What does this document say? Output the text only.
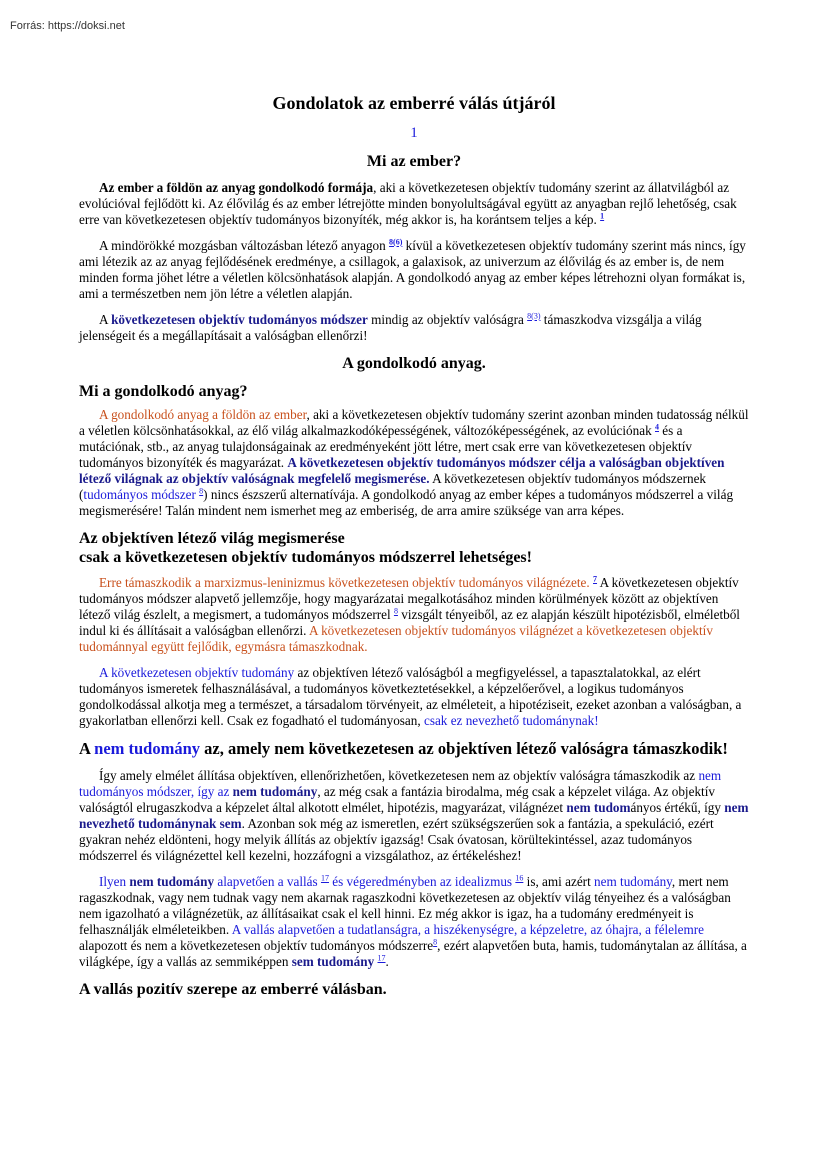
Forrás: https://doksi.net
Gondolatok az emberré válás útjáról
1
Mi az ember?

Az ember a földön az anyag gondolkodó formája, aki a következetesen objektív tudomány szerint az állatvilágból az evolúcióval fejlődött ki. Az élővilág és az ember létrejötte minden bonyolultságával együtt az anyagban rejlő lehetőség, csak erre van következetesen objektív tudományos bizonyíték, még akkor is, ha korántsem teljes a kép. $^1$

A mindörökké mozgásban változásban létező anyagon $^{8(6)}$ kívül a következetesen objektív tudomány szerint más nincs, így ami létezik az az anyag fejlődésének eredménye, a csillagok, a galaxisok, az univerzum az élővilág és az ember is, de nem minden forma jöhet létre a véletlen kölcsönhatások alapján. A gondolkodó anyag az ember képes létrehozni olyan formákat is, ami a természetben nem jön létre a véletlen alapján.

A következetesen objektív tudományos módszer mindig az objektív valóságra $^{8(3)}$ támaszkodva vizsgálja a világ jelenségeit és a megállapításait a valóságban ellenőrzi!

A gondolkodó anyag.
Mi a gondolkodó anyag?

A gondolkodó anyag a földön az ember, aki a következetesen objektív tudomány szerint azonban minden tudatosság nélkül a véletlen kölcsönhatásokkal, az élő világ alkalmazkodóképességének, változóképességének, az evolúciónak $^4$ és a mutációnak, stb., az anyag tulajdonságainak az eredményeként jött létre, mert csak erre van következetesen objektív tudományos bizonyíték és magyarázat. A következetesen objektív tudományos módszer célja a valóságban objektíven létező világnak az objektív valóságnak megfelelő megismerése. A következetesen objektív tudományos módszernek (tudományos módszer $^8$) nincs észszerű alternatívája. A gondolkodó anyag az ember képes a tudományos módszerrel a világ megismerésére! Talán mindent nem ismerhet meg az emberiség, de arra amire szüksége van arra képes.

Az objektíven létező világ megismerése
csak a következetesen objektív tudományos módszerrel lehetséges!

Erre támaszkodik a marxizmus-leninizmus következetesen objektív tudományos világnézete. $^7$ A következetesen objektív tudományos módszer alapvető jellemzője, hogy magyarázatai megalkotásához minden körülmények között az objektíven létező világ észlelt, a megismert, a tudományos módszerrel $^8$ vizsgált tényeiből, az ez alapján készült hipotézisből, elméletből indul ki és állításait a valóságban ellenőrzi. A következetesen objektív tudományos világnézet a következetesen objektív tudománnyal együtt fejlődik, egymásra támaszkodnak.

A következetesen objektív tudomány az objektíven létező valóságból a megfigyeléssel, a tapasztalatokkal, az elért tudományos ismeretek felhasználásával, a tudományos következtetésekkel, a képzelőerővel, a logikus tudományos gondolkodással alkotja meg a természet, a társadalom törvényeit, az elméleteit, a hipotéziseit, ezeket azonban a valóságban, a gyakorlatban ellenőrzi kell. Csak ez fogadható el tudományosan, csak ez nevezhető tudománynak!

A nem tudomány az, amely nem következetesen az objektíven létező valóságra támaszkodik!

Így amely elmélet állítása objektíven, ellenőrizhetően, következetesen nem az objektív valóságra támaszkodik az nem tudományos módszer, így az nem tudomány, az még csak a fantázia birodalma, még csak a képzelet világa. Az objektív valóságtól elrugaszkodva a képzelet által alkotott elmélet, hipotézis, magyarázat, világnézet nem tudományos értékű, így nem nevezhető tudománynak sem. Azonban sok még az ismeretlen, ezért szükségszerűen sok a fantázia, a spekuláció, ezért gyakran nehéz eldönteni, hogy melyik állítás az objektív igazság! Csak óvatosan, körültekintéssel, azaz tudományos módszerrel és világnézettel kell kezelni, hozzáfogni a vizsgálathoz, az értékeléshez!

Ilyen nem tudomány alapvetően a vallás $^{17}$ és végeredményben az idealizmus $^{16}$ is, ami azért nem tudomány, mert nem ragaszkodnak, vagy nem tudnak vagy nem akarnak ragaszkodni következetesen az objektív világ tényeihez és a valóságban nem igazolható a világnézetük, az állításaikat csak el kell hinni. Ez még akkor is igaz, ha a tudomány eredményeit is felhasználják elméleteikben. A vallás alapvetően a tudatlanságra, a hiszékenységre, a képzeletre, az óhajra, a félelemre alapozott és nem a következetesen objektív tudományos módszerre$^8$, ezért alapvetően buta, hamis, tudománytalan az állítása, a világképe, így a vallás az semmiképpen sem tudomány $^{17}$.

A vallás pozitív szerepe az emberré válásban.
